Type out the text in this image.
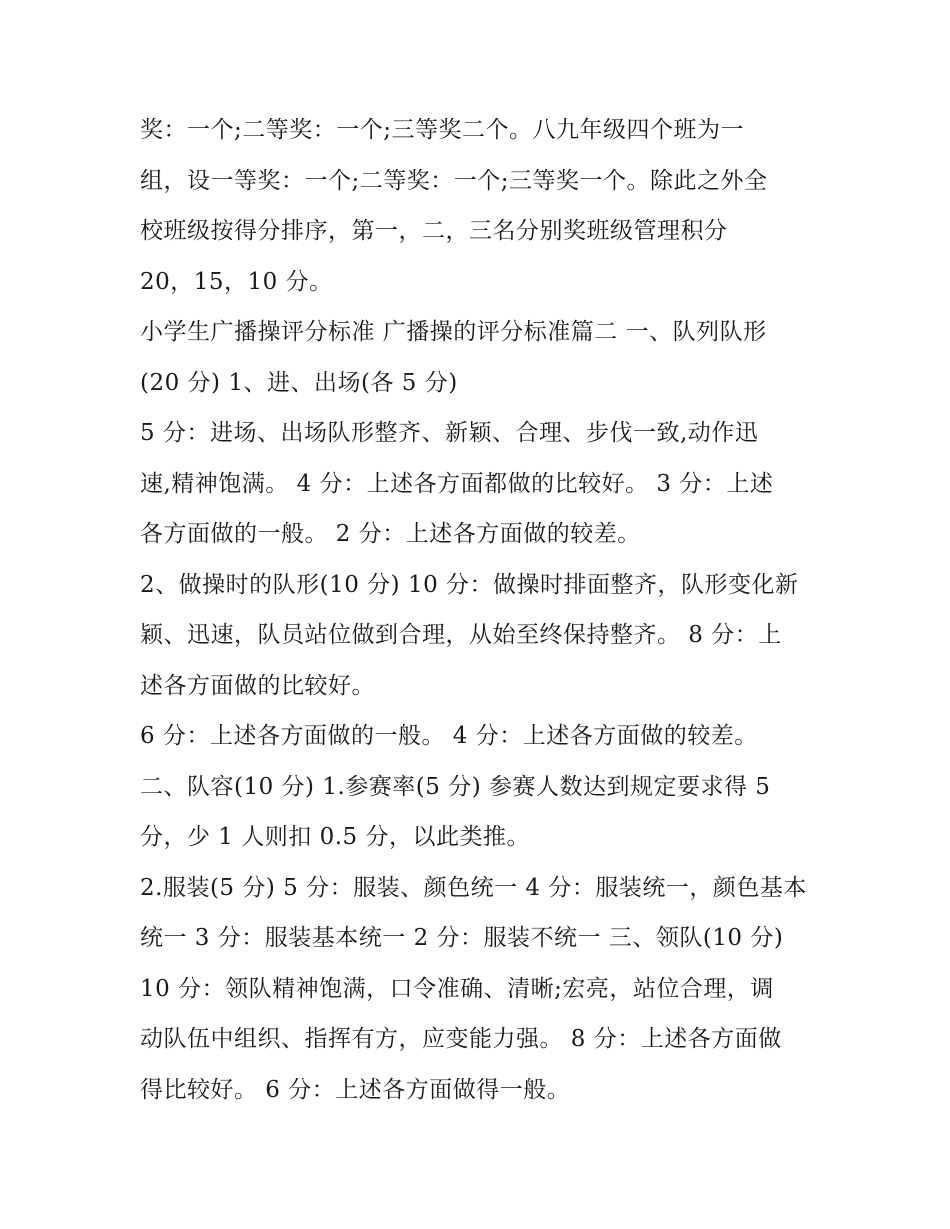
奖：一个;二等奖：一个;三等奖二个。八九年级四个班为一
组，设一等奖：一个;二等奖：一个;三等奖一个。除此之外全
校班级按得分排序，第一，二，三名分别奖班级管理积分
20，15，10 分。
小学生广播操评分标准 广播操的评分标准篇二 一、队列队形
(20 分) 1、进、出场(各 5 分)
5 分：进场、出场队形整齐、新颖、合理、步伐一致,动作迅
速,精神饱满。 4 分：上述各方面都做的比较好。 3 分：上述
各方面做的一般。 2 分：上述各方面做的较差。
2、做操时的队形(10 分) 10 分：做操时排面整齐，队形变化新
颖、迅速，队员站位做到合理，从始至终保持整齐。 8 分：上
述各方面做的比较好。
6 分：上述各方面做的一般。 4 分：上述各方面做的较差。
二、队容(10 分) 1.参赛率(5 分) 参赛人数达到规定要求得 5
分，少 1 人则扣 0.5 分，以此类推。
2.服装(5 分) 5 分：服装、颜色统一 4 分：服装统一，颜色基本
统一 3 分：服装基本统一 2 分：服装不统一 三、领队(10 分)
10 分：领队精神饱满，口令准确、清晰;宏亮，站位合理，调
动队伍中组织、指挥有方，应变能力强。 8 分：上述各方面做
得比较好。 6 分：上述各方面做得一般。
